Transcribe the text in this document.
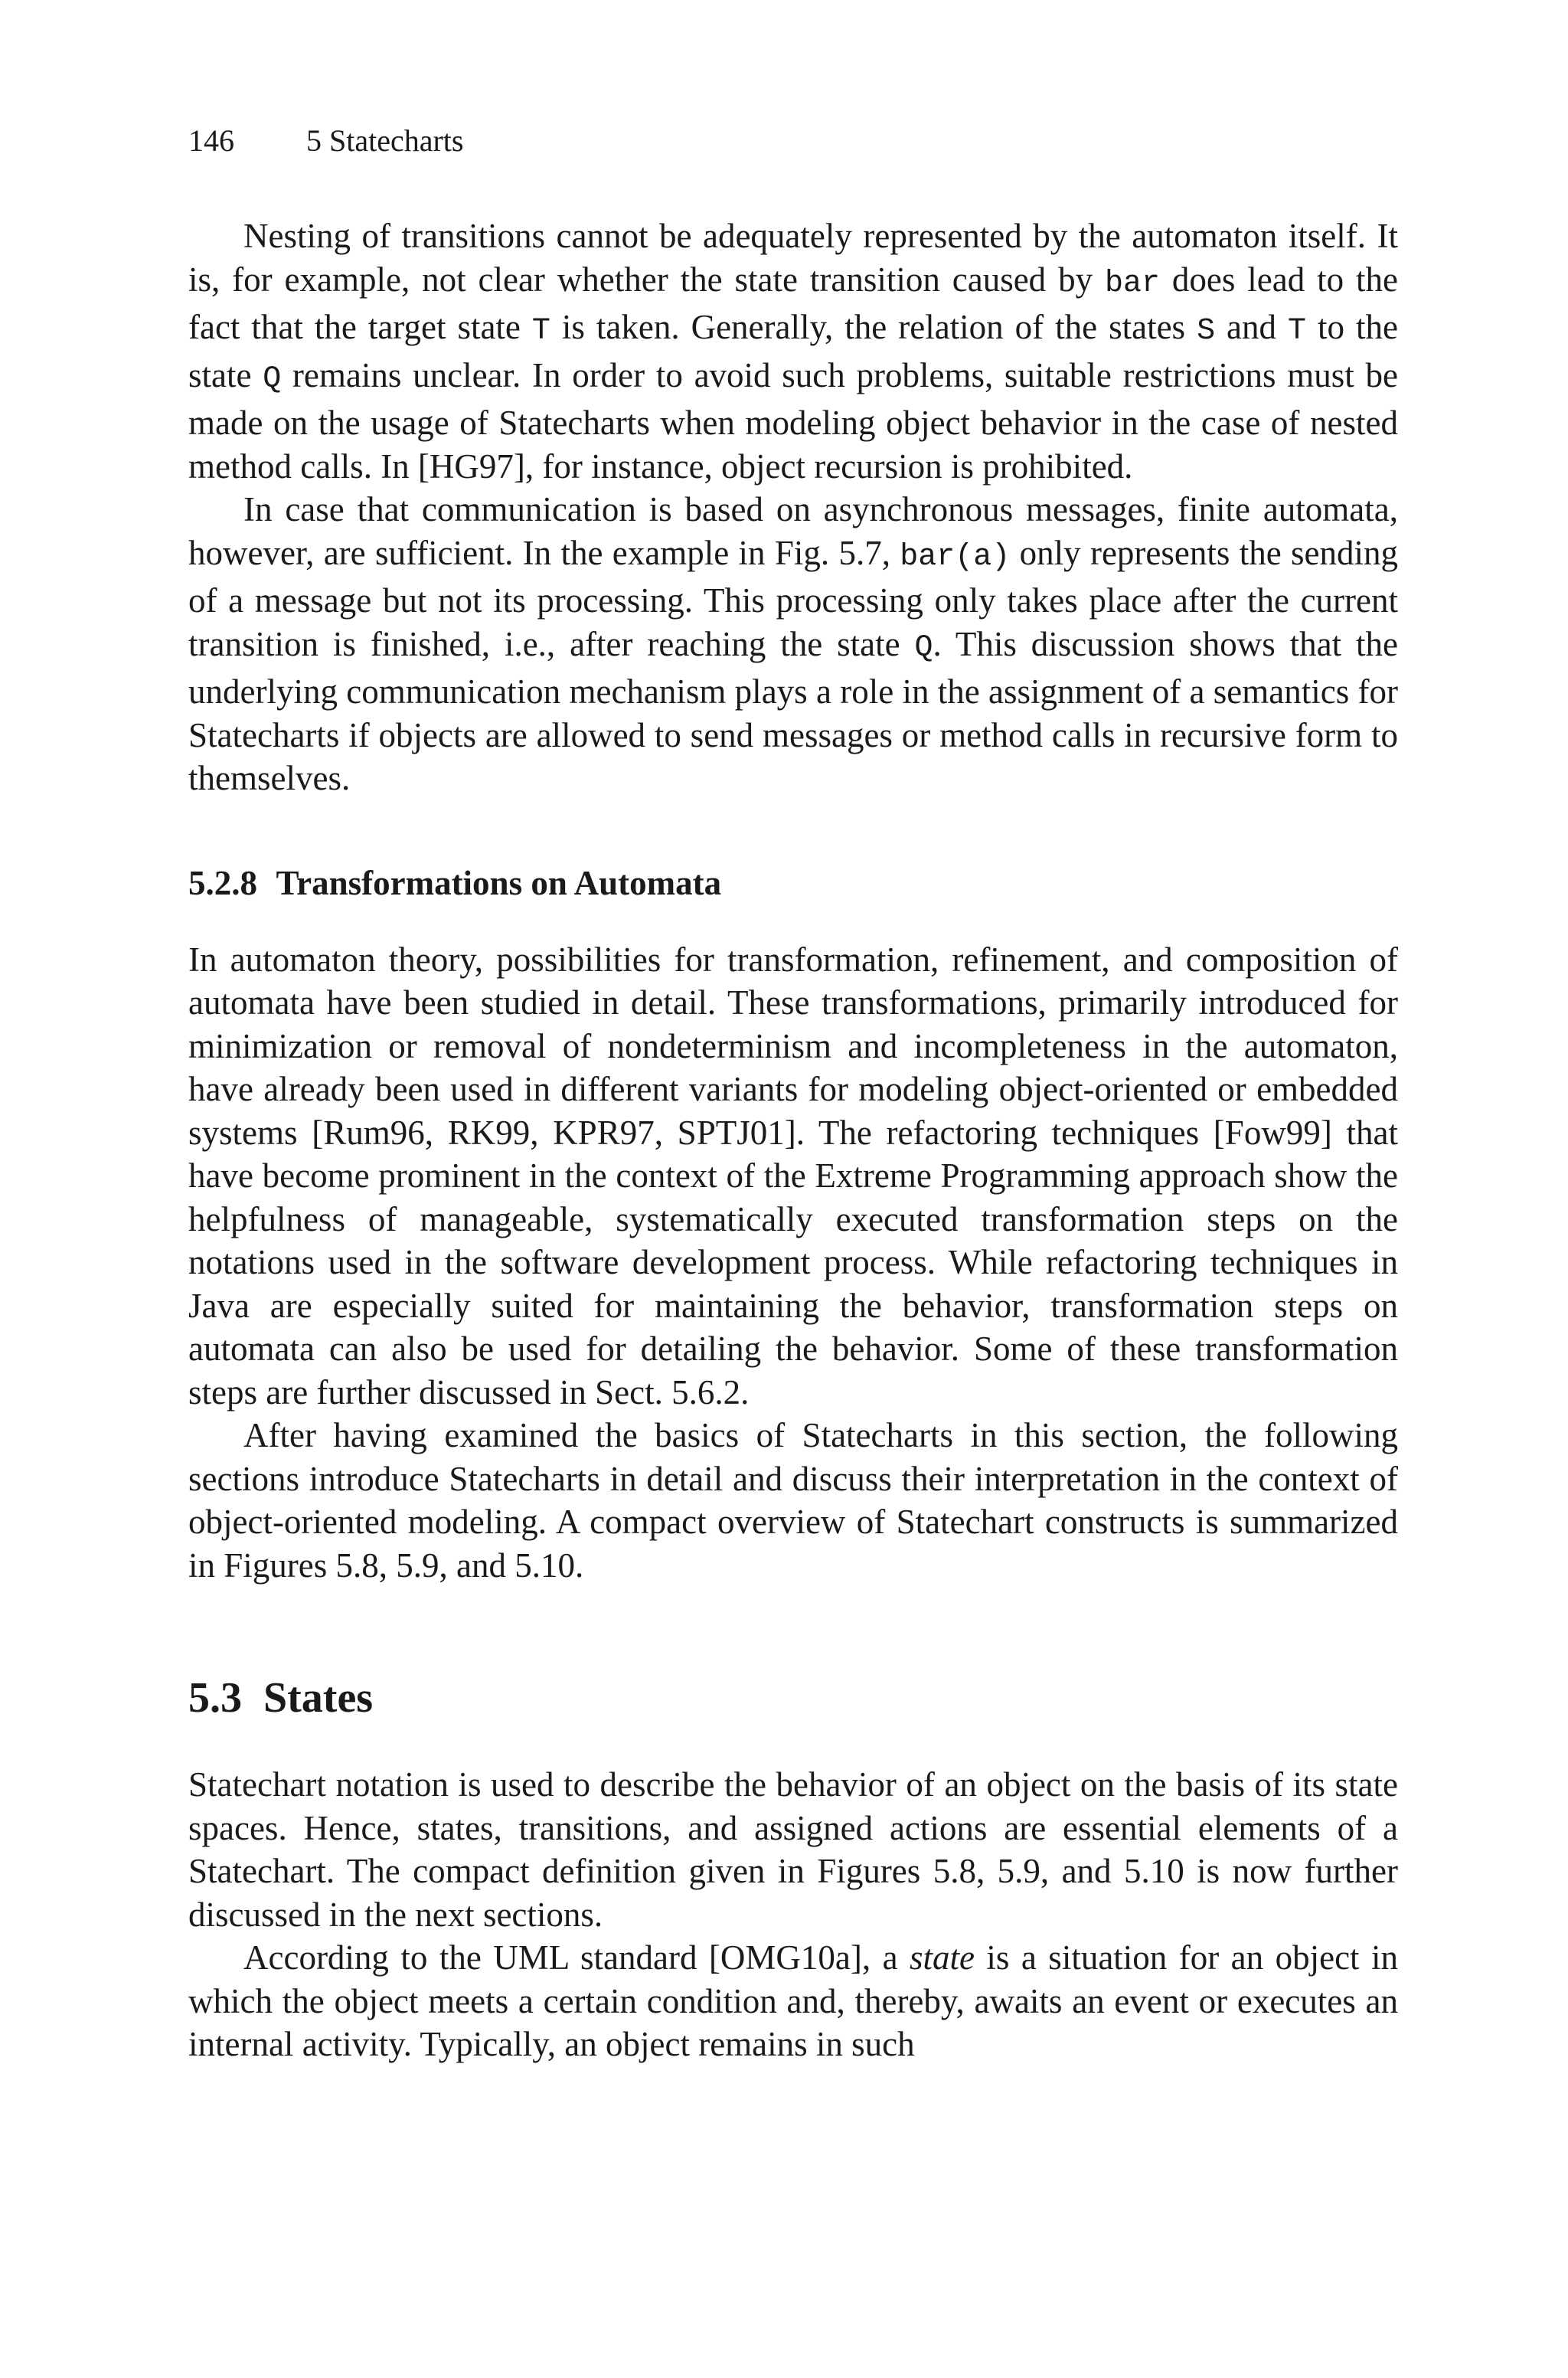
146 5 Statecharts

Nesting of transitions cannot be adequately represented by the automaton itself. It is, for example, not clear whether the state transition caused by bar does lead to the fact that the target state T is taken. Generally, the relation of the states S and T to the state Q remains unclear. In order to avoid such problems, suitable restrictions must be made on the usage of Statecharts when modeling object behavior in the case of nested method calls. In [HG97], for instance, object recursion is prohibited.

In case that communication is based on asynchronous messages, finite automata, however, are sufficient. In the example in Fig. 5.7, bar(a) only represents the sending of a message but not its processing. This processing only takes place after the current transition is finished, i.e., after reaching the state Q. This discussion shows that the underlying communication mechanism plays a role in the assignment of a semantics for Statecharts if objects are allowed to send messages or method calls in recursive form to themselves.

5.2.8 Transformations on Automata

In automaton theory, possibilities for transformation, refinement, and composition of automata have been studied in detail. These transformations, primarily introduced for minimization or removal of nondeterminism and incompleteness in the automaton, have already been used in different variants for modeling object-oriented or embedded systems [Rum96, RK99, KPR97, SPTJ01]. The refactoring techniques [Fow99] that have become prominent in the context of the Extreme Programming approach show the helpfulness of manageable, systematically executed transformation steps on the notations used in the software development process. While refactoring techniques in Java are especially suited for maintaining the behavior, transformation steps on automata can also be used for detailing the behavior. Some of these transformation steps are further discussed in Sect. 5.6.2.

After having examined the basics of Statecharts in this section, the following sections introduce Statecharts in detail and discuss their interpretation in the context of object-oriented modeling. A compact overview of Statechart constructs is summarized in Figures 5.8, 5.9, and 5.10.

5.3 States

Statechart notation is used to describe the behavior of an object on the basis of its state spaces. Hence, states, transitions, and assigned actions are essential elements of a Statechart. The compact definition given in Figures 5.8, 5.9, and 5.10 is now further discussed in the next sections.

According to the UML standard [OMG10a], a state is a situation for an object in which the object meets a certain condition and, thereby, awaits an event or executes an internal activity. Typically, an object remains in such
